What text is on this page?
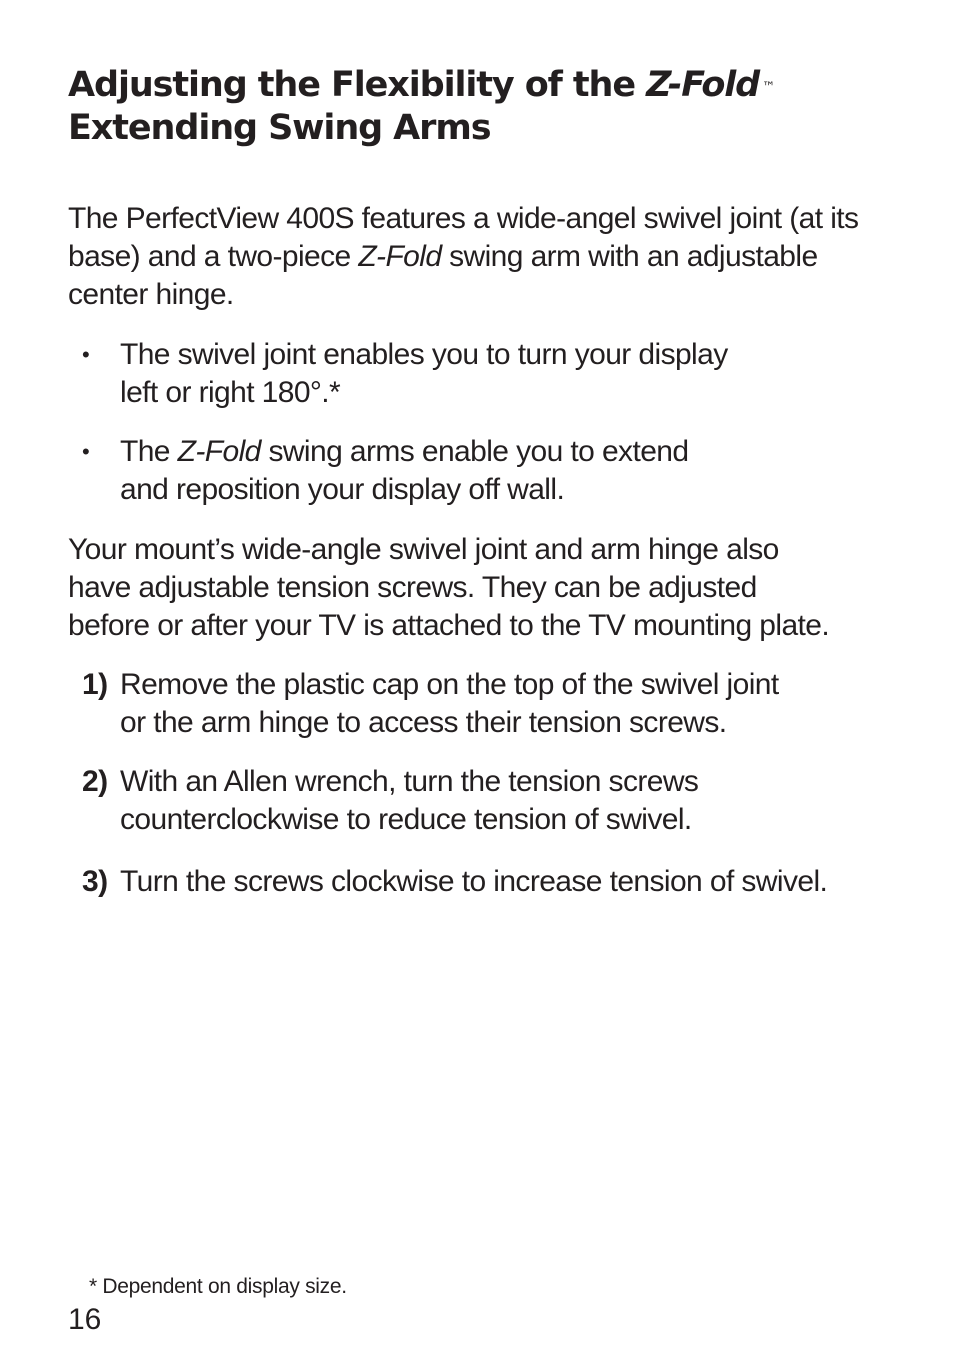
Adjusting the Flexibility of the Z-Fold ™
Extending Swing Arms

The PerfectView 400S features a wide-angel swivel joint (at its base) and a two-piece Z-Fold swing arm with an adjustable center hinge.

•	The swivel joint enables you to turn your display
left or right 180°.*
•	The Z-Fold swing arms enable you to extend
and reposition your display off wall.

Your mount’s wide-angle swivel joint and arm hinge also
have adjustable tension screws. They can be adjusted
before or after your TV is attached to the TV mounting plate.

1) Remove the plastic cap on the top of the swivel joint
or the arm hinge to access their tension screws.
2) With an Allen wrench, turn the tension screws
counterclockwise to reduce tension of swivel.
3) Turn the screws clockwise to increase tension of swivel.
* Dependent on display size.
16
